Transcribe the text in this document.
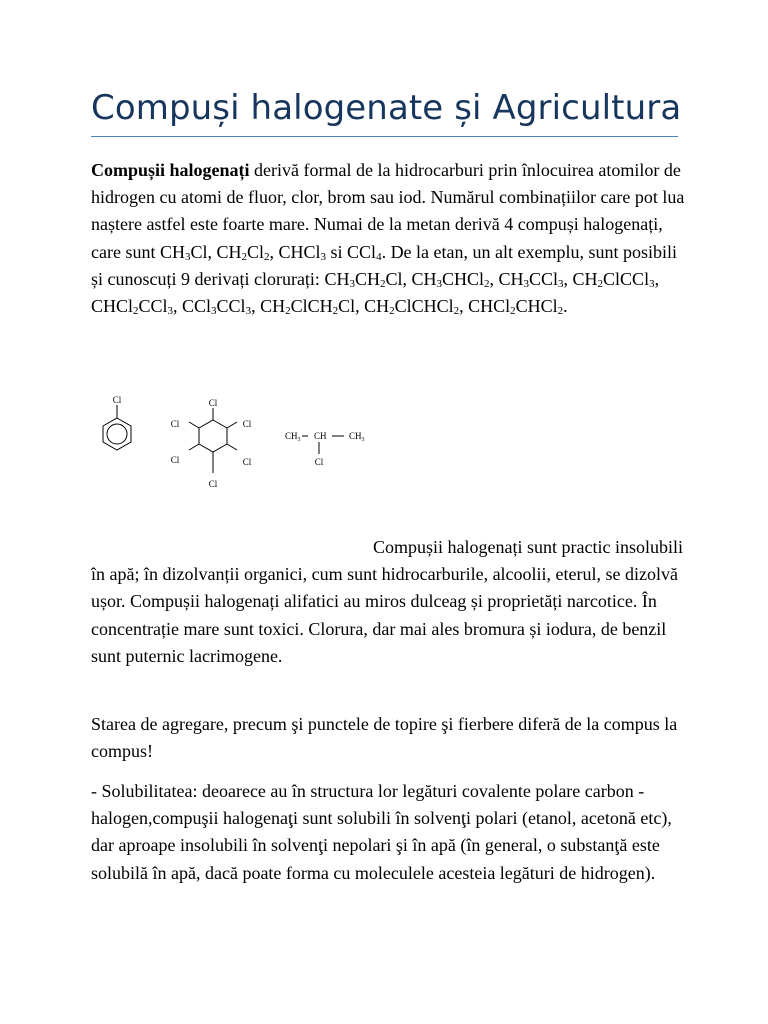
Compuși halogenate și Agricultura

Compușii halogenați derivă formal de la hidrocarburi prin înlocuirea atomilor de hidrogen cu atomi de fluor, clor, brom sau iod. Numărul combinațiilor care pot lua naștere astfel este foarte mare. Numai de la metan derivă 4 compuși halogenați, care sunt $CH_3Cl$, $CH_2Cl_2$, CHCl$_3$ si CCl$_4$. De la etan, un alt exemplu, sunt posibili și cunoscuți 9 derivați clorurați: $CH_3CH_2Cl$, $CH_3CHCl_2$, $CH_3CCl_3$, $CH_2ClCCl_3$, CHCl$_2$CCl$_3$, CCl$_3$CCl$_3$, $CH_2ClCH_2Cl$, $CH_2ClCHCl_2$, CHCl$_2$CHCl$_2$.

Cl	Cl
Cl
Cl
Cl
Cl
Cl
$CH_3$ CH $CH_3$
Cl

Compușii halogenați sunt practic insolubili în apă; în dizolvanții organici, cum sunt hidrocarburile, alcoolii, eterul, se dizolvă ușor. Compușii halogenați alifatici au miros dulceag și proprietăți narcotice. În concentrație mare sunt toxici. Clorura, dar mai ales bromura și iodura, de benzil sunt puternic lacrimogene.

Starea de agregare, precum şi punctele de topire şi fierbere diferă de la compus la compus!

- Solubilitatea: deoarece au în structura lor legături covalente polare carbon - halogen,compuşii halogenaţi sunt solubili în solvenţi polari (etanol, acetonă etc), dar aproape insolubili în solvenţi nepolari şi în apă (în general, o substanţă este solubilă în apă, dacă poate forma cu moleculele acesteia legături de hidrogen).
